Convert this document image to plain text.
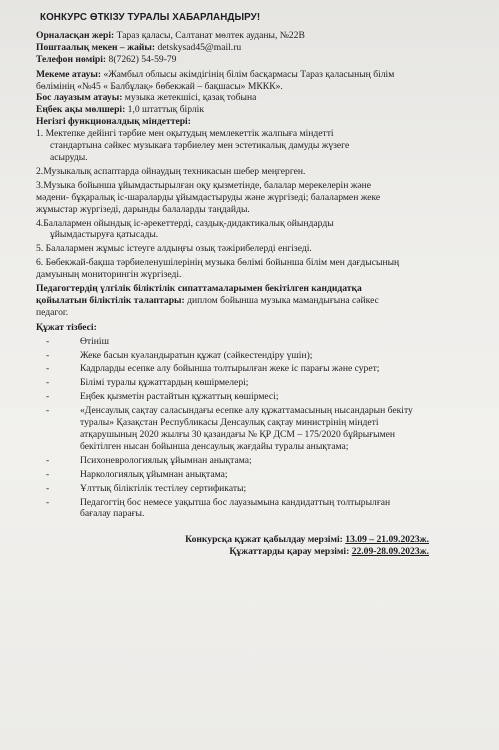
КОНКУРС ӨТКІЗУ ТУРАЛЫ ХАБАРЛАНДЫРУ!
Орналасқан жері: Тараз қаласы, Салтанат мөлтек ауданы, №22В
Поштаалық мекен – жайы: detskysad45@mail.ru
Телефон нөмірі: 8(7262) 54-59-79
Мекеме атауы: «Жамбыл облысы әкімдігінің білім басқармасы Тараз қаласының білім
бөлімінің «№45 « Балбұлақ» бөбекжай – бақшасы» МККК».
Бос лауазым атауы: музыка жетекшісі, қазақ тобына
Еңбек ақы мөлшері: 1,0 штаттық бірлік
Негізгі функционалдық міндеттері:
1. Мектепке дейінгі тәрбие мен оқытудың мемлекеттік жалпыға міндетті
стандартына сәйкес музыкаға тәрбиелеу мен эстетикалық дамуды жүзеге
асыруды.
2.Музыкалық аспаптарда ойнаудың техникасын шебер меңгерген.
3.Музыка бойынша ұйымдастырылған оқу қызметінде, балалар мерекелерін және
мәдени- бұқаралық іс-шараларды ұйымдастыруды және жүргізеді; балалармен жеке
жұмыстар жүргізеді, дарынды балаларды таңдайды.
4.Балалармен ойындық іс-әрекеттерді, саздық-дидактикалық ойындарды
ұйымдастыруға қатысады.
5. Балалармен жұмыс істеуге алдыңғы озық тәжірибелерді енгізеді.
6. Бөбекжай-бақша тәрбиеленушілерінің музыка бөлімі бойынша білім мен дағдысының
дамуының мониторингін жүргізеді.
Педагогтердің үлгілік біліктілік сипаттамаларымен бекітілген кандидатқа
қойылатын біліктілік талаптары: диплом бойынша музыка мамандығына сәйкес
педагог.
Құжат тізбесі:
-	Өтініш
-	Жеке басын куәландыратын құжат (сәйкестендіру үшін);
-	Кадрларды есепке алу бойынша толтырылған жеке іс парағы және сурет;
-	Білімі туралы құжаттардың көшірмелері;
-	Еңбек қызметін растайтын құжаттың көшірмесі;
-	«Денсаулық сақтау саласындағы есепке алу құжаттамасының нысандарын бекіту
туралы» Қазақстан Республикасы Денсаулық сақтау министрінің міндеті
атқарушының 2020 жылғы 30 қазандағы № ҚР ДСМ – 175/2020 бұйрығымен
бекітілген нысан бойынша денсаулық жағдайы туралы анықтама;
-	Психоневрологиялық ұйымнан анықтама;
-	Наркологиялық ұйымнан анықтама;
-	Ұлттық біліктілік тестілеу сертификаты;
-	Педагогтің бос немесе уақытша бос лауазымына кандидаттың толтырылған
бағалау парағы.
Конкурсқа құжат қабылдау мерзімі: 13.09 – 21.09.2023ж.
Құжаттарды қарау мерзімі: 22.09-28.09.2023ж.
